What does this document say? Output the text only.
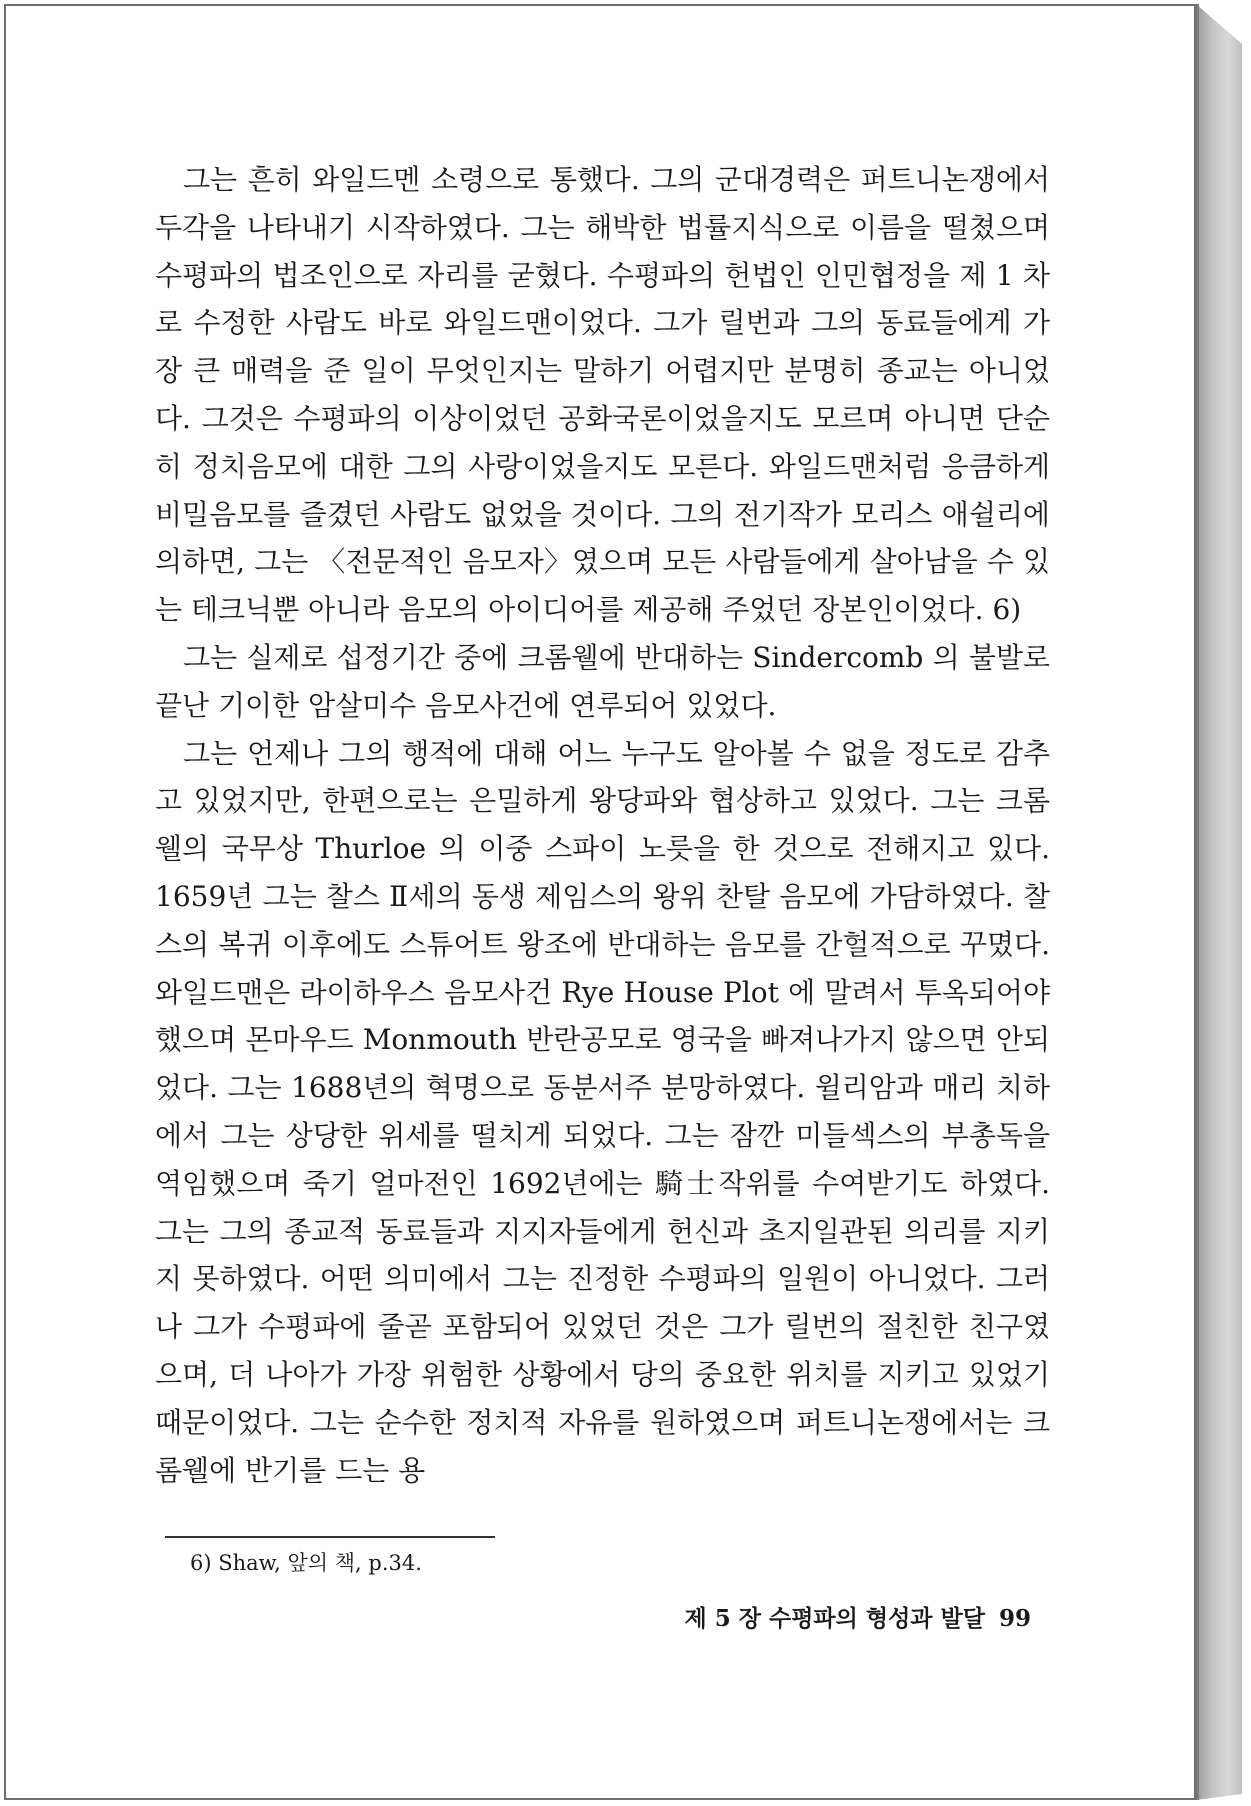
그는 흔히 와일드멘 소령으로 통했다. 그의 군대경력은 퍼트니논쟁에서 두각을 나타내기 시작하였다. 그는 해박한 법률지식으로 이름을 떨쳤으며 수평파의 법조인으로 자리를 굳혔다. 수평파의 헌법인 인민협정을 제 1 차로 수정한 사람도 바로 와일드맨이었다. 그가 릴번과 그의 동료들에게 가장 큰 매력을 준 일이 무엇인지는 말하기 어렵지만 분명히 종교는 아니었다. 그것은 수평파의 이상이었던 공화국론이었을지도 모르며 아니면 단순히 정치음모에 대한 그의 사랑이었을지도 모른다. 와일드맨처럼 응큼하게 비밀음모를 즐겼던 사람도 없었을 것이다. 그의 전기작가 모리스 애쉴리에 의하면, 그는 〈전문적인 음모자〉였으며 모든 사람들에게 살아남을 수 있는 테크닉뿐 아니라 음모의 아이디어를 제공해 주었던 장본인이었다. 6)

그는 실제로 섭정기간 중에 크롬웰에 반대하는 Sindercomb 의 불발로 끝난 기이한 암살미수 음모사건에 연루되어 있었다.

그는 언제나 그의 행적에 대해 어느 누구도 알아볼 수 없을 정도로 감추고 있었지만, 한편으로는 은밀하게 왕당파와 협상하고 있었다. 그는 크롬웰의 국무상 Thurloe 의 이중 스파이 노릇을 한 것으로 전해지고 있다. 1659년 그는 찰스 Ⅱ세의 동생 제임스의 왕위 찬탈 음모에 가담하였다. 찰스의 복귀 이후에도 스튜어트 왕조에 반대하는 음모를 간헐적으로 꾸몄다. 와일드맨은 라이하우스 음모사건 Rye House Plot 에 말려서 투옥되어야 했으며 몬마우드 Monmouth 반란공모로 영국을 빠져나가지 않으면 안되었다. 그는 1688년의 혁명으로 동분서주 분망하였다. 윌리암과 매리 치하에서 그는 상당한 위세를 떨치게 되었다. 그는 잠깐 미들섹스의 부총독을 역임했으며 죽기 얼마전인 1692년에는 騎士작위를 수여받기도 하였다. 그는 그의 종교적 동료들과 지지자들에게 헌신과 초지일관된 의리를 지키지 못하였다. 어떤 의미에서 그는 진정한 수평파의 일원이 아니었다. 그러나 그가 수평파에 줄곧 포함되어 있었던 것은 그가 릴번의 절친한 친구였으며, 더 나아가 가장 위험한 상황에서 당의 중요한 위치를 지키고 있었기 때문이었다. 그는 순수한 정치적 자유를 원하였으며 퍼트니논쟁에서는 크롬웰에 반기를 드는 용

6) Shaw, 앞의 책, p.34.
제 5 장 수평파의 형성과 발달 99
